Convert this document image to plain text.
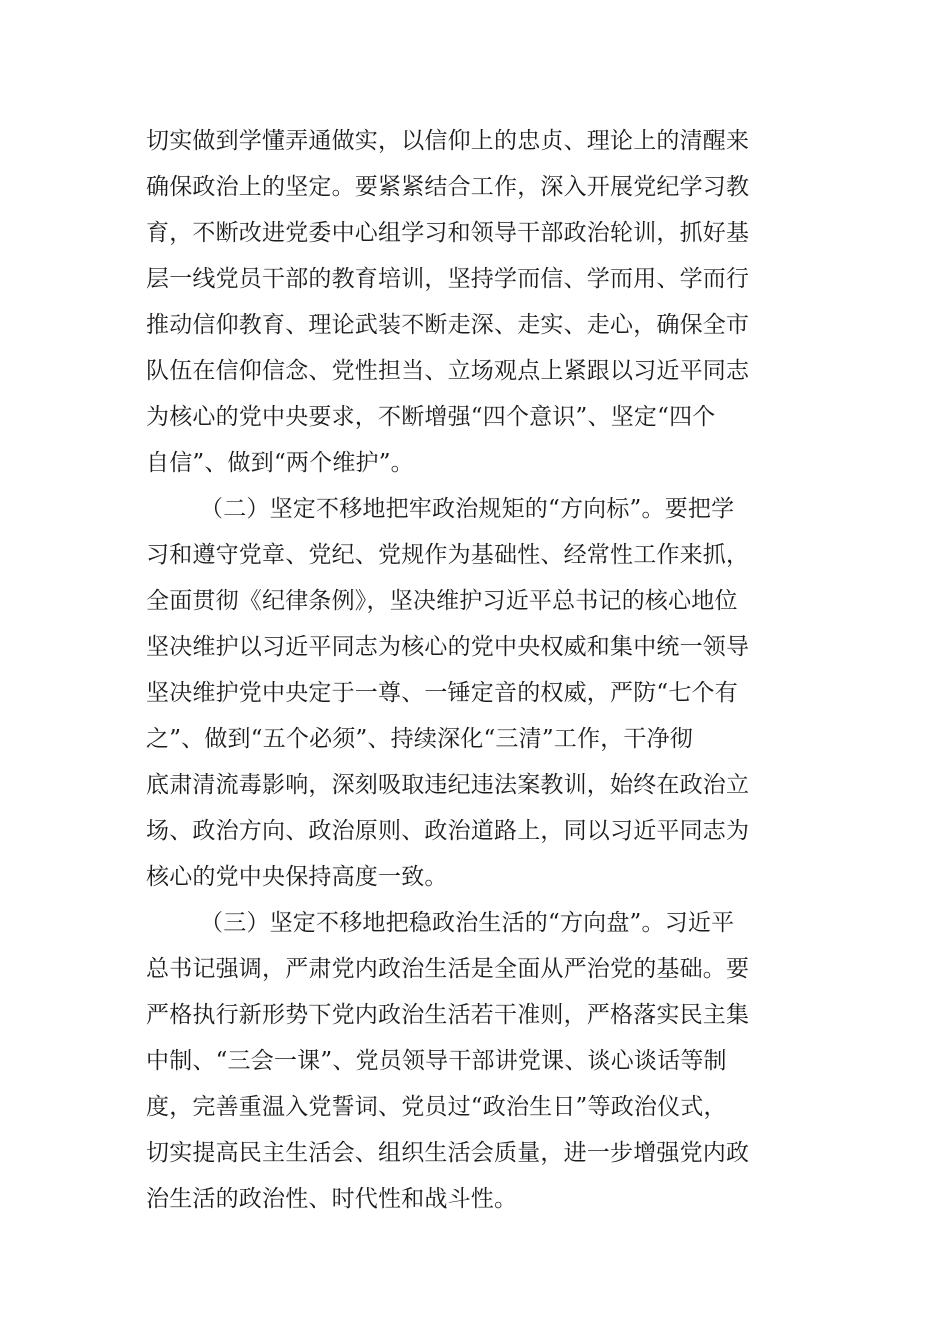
切实做到学懂弄通做实，以信仰上的忠贞、理论上的清醒来
确保政治上的坚定。要紧紧结合工作，深入开展党纪学习教
育，不断改进党委中心组学习和领导干部政治轮训，抓好基
层一线党员干部的教育培训，坚持学而信、学而用、学而行
推动信仰教育、理论武装不断走深、走实、走心，确保全市
队伍在信仰信念、党性担当、立场观点上紧跟以习近平同志
为核心的党中央要求，不断增强“四个意识”、坚定“四个
自信”、做到“两个维护”。
（二）坚定不移地把牢政治规矩的“方向标”。要把学
习和遵守党章、党纪、党规作为基础性、经常性工作来抓，
全面贯彻《纪律条例》，坚决维护习近平总书记的核心地位
坚决维护以习近平同志为核心的党中央权威和集中统一领导
坚决维护党中央定于一尊、一锤定音的权威，严防“七个有
之”、做到“五个必须”、持续深化“三清”工作，干净彻
底肃清流毒影响，深刻吸取违纪违法案教训，始终在政治立
场、政治方向、政治原则、政治道路上，同以习近平同志为
核心的党中央保持高度一致。
（三）坚定不移地把稳政治生活的“方向盘”。习近平
总书记强调，严肃党内政治生活是全面从严治党的基础。要
严格执行新形势下党内政治生活若干准则，严格落实民主集
中制、“三会一课”、党员领导干部讲党课、谈心谈话等制
度，完善重温入党誓词、党员过“政治生日”等政治仪式，
切实提高民主生活会、组织生活会质量，进一步增强党内政
治生活的政治性、时代性和战斗性。
